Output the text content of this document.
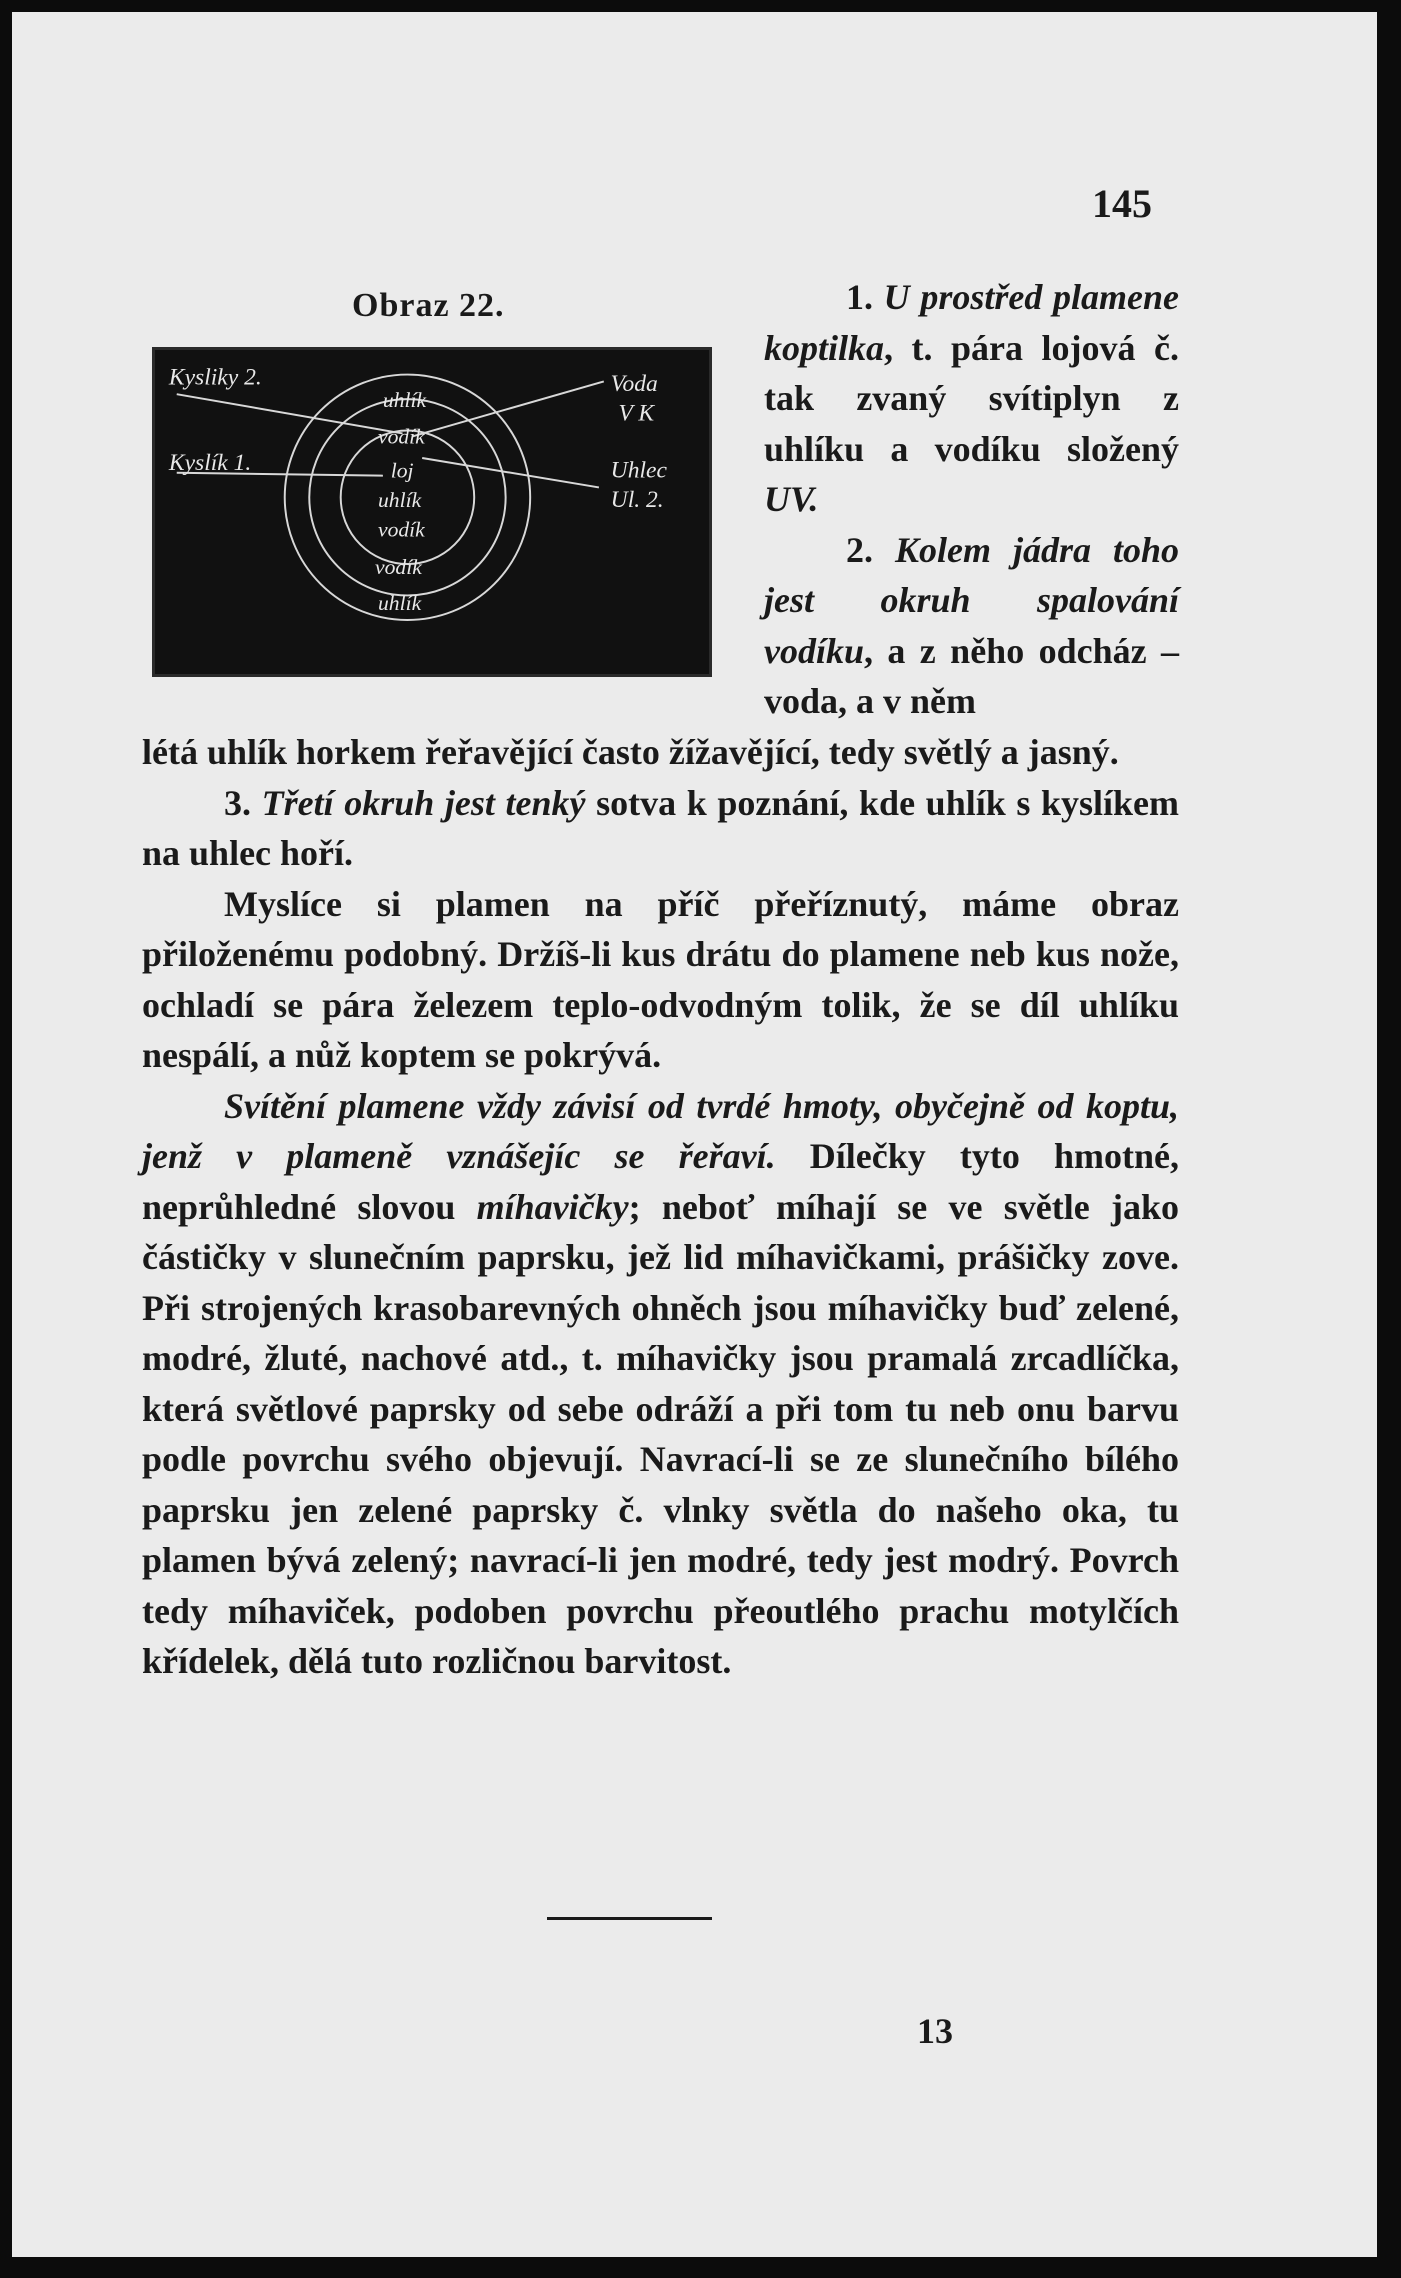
145
Obraz 22.
Kysliky 2.
Kyslík 1.
Voda
V K
Uhlec
Ul. 2.
uhlík
vodík
loj
uhlík
vodík
vodík
uhlík

1. U prostřed plamene koptilka, t. pára lojová č. tak zvaný svítiplyn z uhlíku a vodíku složený UV.

2. Kolem jádra toho jest okruh spalování vodíku, a z něho odcház – voda, a v něm

létá uhlík horkem řeřavějící často žížavějící, tedy světlý a jasný.

3. Třetí okruh jest tenký sotva k poznání, kde uhlík s kyslíkem na uhlec hoří.

Myslíce si plamen na příč přeříznutý, máme obraz přiloženému podobný. Držíš-li kus drátu do plamene neb kus nože, ochladí se pára železem teplo-odvodným tolik, že se díl uhlíku nespálí, a nůž koptem se pokrývá.

Svítění plamene vždy závisí od tvrdé hmoty, obyčejně od koptu, jenž v plameně vznášejíc se řeřaví. Dílečky tyto hmotné, neprůhledné slovou míhavičky; neboť míhají se ve světle jako částičky v slunečním paprsku, jež lid míhavičkami, prášičky zove. Při strojených krasobarevných ohněch jsou míhavičky buď zelené, modré, žluté, nachové atd., t. míhavičky jsou pramalá zrcadlíčka, která světlové paprsky od sebe odráží a při tom tu neb onu barvu podle povrchu svého objevují. Navrací-li se ze slunečního bílého paprsku jen zelené paprsky č. vlnky světla do našeho oka, tu plamen bývá zelený; navrací-li jen modré, tedy jest modrý. Povrch tedy míhaviček, podoben povrchu přeoutlého prachu motylčích křídelek, dělá tuto rozličnou barvitost.

13
